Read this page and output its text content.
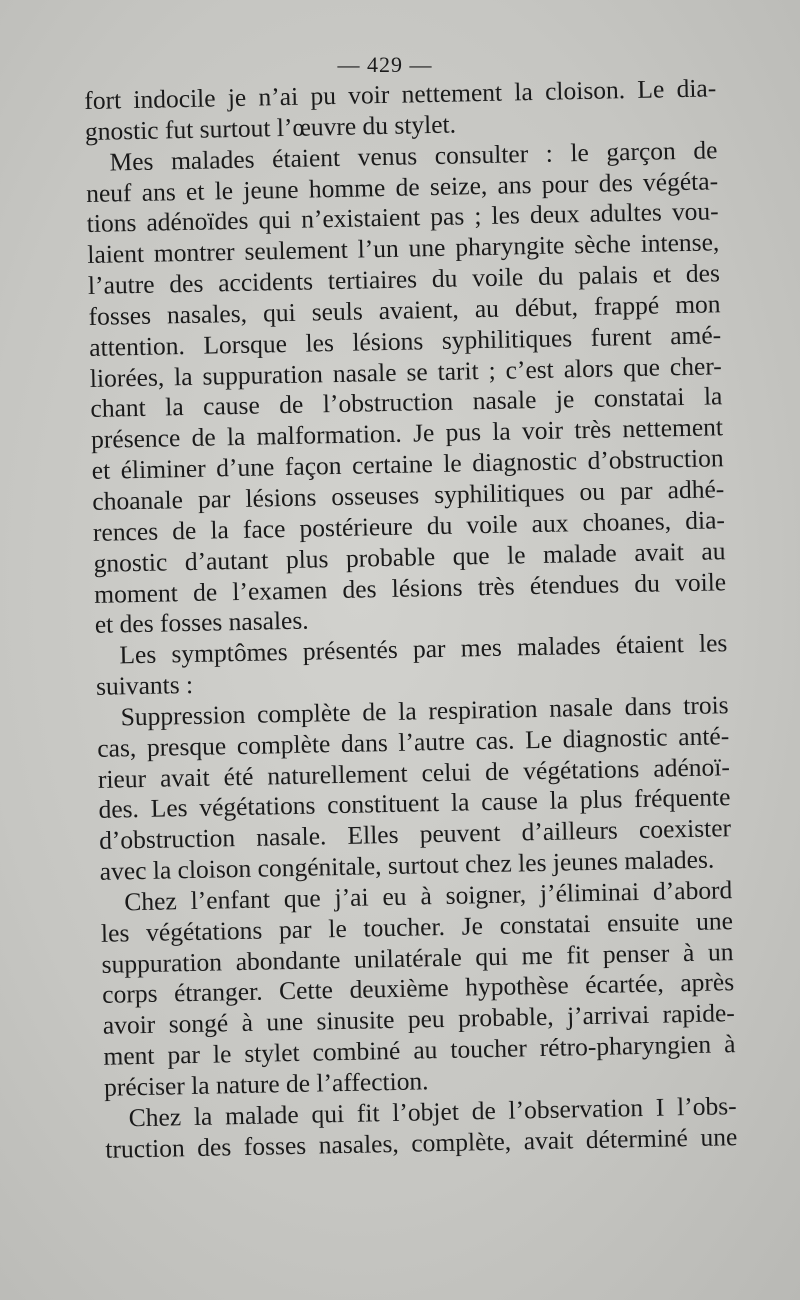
— 429 —
fort indocile je n’ai pu voir nettement la cloison. Le dia-
gnostic fut surtout l’œuvre du stylet.
Mes malades étaient venus consulter : le garçon de
neuf ans et le jeune homme de seize, ans pour des végéta-
tions adénoïdes qui n’existaient pas ; les deux adultes vou-
laient montrer seulement l’un une pharyngite sèche intense,
l’autre des accidents tertiaires du voile du palais et des
fosses nasales, qui seuls avaient, au début, frappé mon
attention. Lorsque les lésions syphilitiques furent amé-
liorées, la suppuration nasale se tarit ; c’est alors que cher-
chant la cause de l’obstruction nasale je constatai la
présence de la malformation. Je pus la voir très nettement
et éliminer d’une façon certaine le diagnostic d’obstruction
choanale par lésions osseuses syphilitiques ou par adhé-
rences de la face postérieure du voile aux choanes, dia-
gnostic d’autant plus probable que le malade avait au
moment de l’examen des lésions très étendues du voile
et des fosses nasales.
Les symptômes présentés par mes malades étaient les
suivants :
Suppression complète de la respiration nasale dans trois
cas, presque complète dans l’autre cas. Le diagnostic anté-
rieur avait été naturellement celui de végétations adénoï-
des. Les végétations constituent la cause la plus fréquente
d’obstruction nasale. Elles peuvent d’ailleurs coexister
avec la cloison congénitale, surtout chez les jeunes malades.
Chez l’enfant que j’ai eu à soigner, j’éliminai d’abord
les végétations par le toucher. Je constatai ensuite une
suppuration abondante unilatérale qui me fit penser à un
corps étranger. Cette deuxième hypothèse écartée, après
avoir songé à une sinusite peu probable, j’arrivai rapide-
ment par le stylet combiné au toucher rétro-pharyngien à
préciser la nature de l’affection.
Chez la malade qui fit l’objet de l’observation I l’obs-
truction des fosses nasales, complète, avait déterminé une
